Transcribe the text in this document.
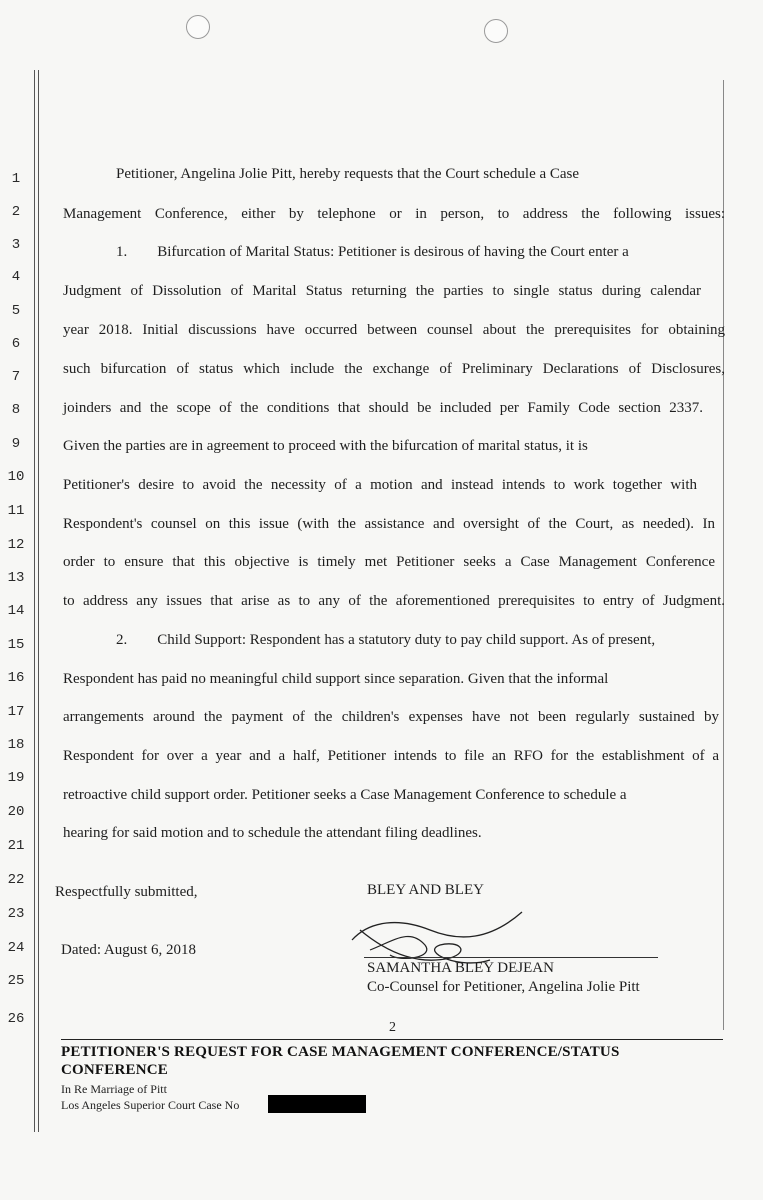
1
2
3
4
5
6
7
8
9
10
11
12
13
14
15
16
17
18
19
20
21
22
23
24
25
26
Petitioner, Angelina Jolie Pitt, hereby requests that the Court schedule a Case
Management Conference, either by telephone or in person, to address the following issues:
1.        Bifurcation of Marital Status: Petitioner is desirous of having the Court enter a
Judgment of Dissolution of Marital Status returning the parties to single status during calendar
year 2018. Initial discussions have occurred between counsel about the prerequisites for obtaining
such bifurcation of status which include the exchange of Preliminary Declarations of Disclosures,
joinders and the scope of the conditions that should be included per Family Code section 2337.
Given the parties are in agreement to proceed with the bifurcation of marital status, it is
Petitioner's desire to avoid the necessity of a motion and instead intends to work together with
Respondent's counsel on this issue (with the assistance and oversight of the Court, as needed). In
order to ensure that this objective is timely met Petitioner seeks a Case Management Conference
to address any issues that arise as to any of the aforementioned prerequisites to entry of Judgment.
2.        Child Support: Respondent has a statutory duty to pay child support. As of present,
Respondent has paid no meaningful child support since separation. Given that the informal
arrangements around the payment of the children's expenses have not been regularly sustained by
Respondent for over a year and a half, Petitioner intends to file an RFO for the establishment of a
retroactive child support order. Petitioner seeks a Case Management Conference to schedule a
hearing for said motion and to schedule the attendant filing deadlines.
Respectfully submitted,	BLEY AND BLEY
Dated: August 6, 2018
SAMANTHA BLEY DEJEAN
Co-Counsel for Petitioner, Angelina Jolie Pitt
2
PETITIONER'S REQUEST FOR CASE MANAGEMENT CONFERENCE/STATUS CONFERENCE
In Re Marriage of Pitt
Los Angeles Superior Court Case No
